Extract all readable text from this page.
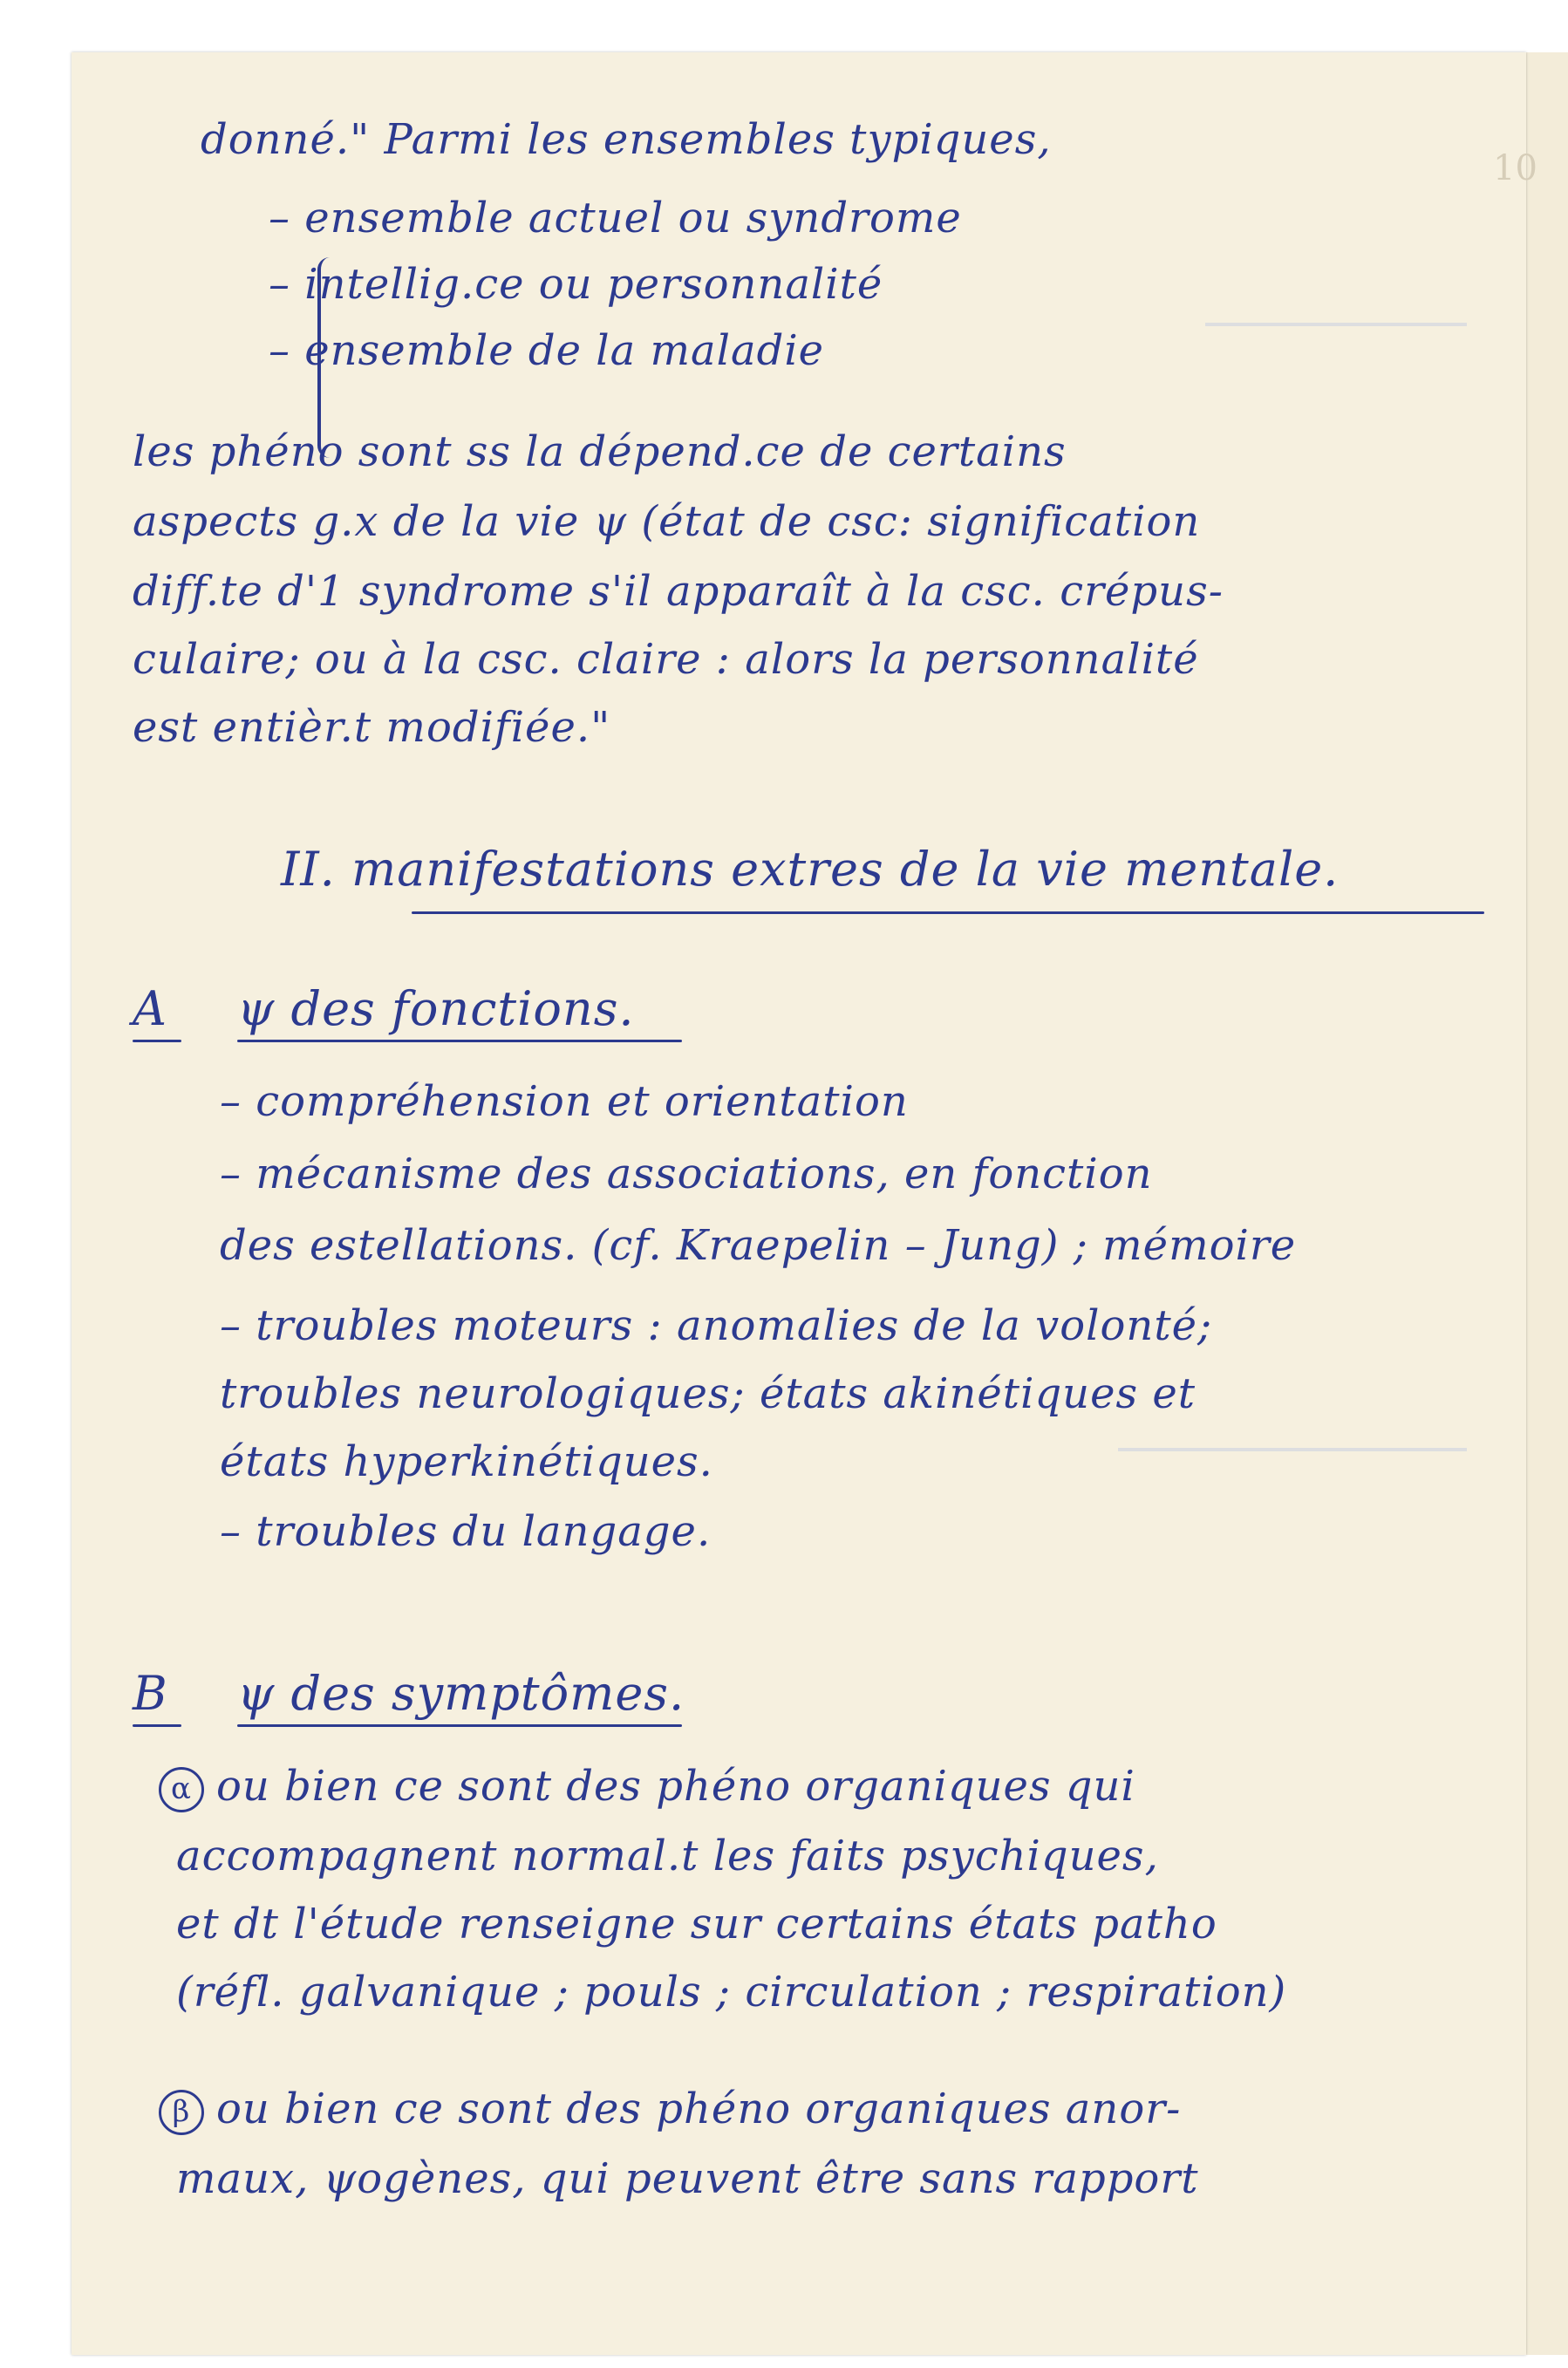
10
donné." Parmi les ensembles typiques,
– ensemble actuel ou syndrome
– intellig.ce ou personnalité
– ensemble de la maladie
les phéno sont ss la dépend.ce de certains
aspects g.x de la vie ψ (état de csc: signification
diff.te d'1 syndrome s'il apparaît à la csc. crépus-
culaire; ou à la csc. claire : alors la personnalité
est entièr.t modifiée."
II. manifestations extres de la vie mentale.
A ψ des fonctions.
– compréhension et orientation
– mécanisme des associations, en fonction
des estellations. (cf. Kraepelin – Jung) ; mémoire
– troubles moteurs : anomalies de la volonté;
troubles neurologiques; états akinétiques et
états hyperkinétiques.
– troubles du langage.
B ψ des symptômes.
α ou bien ce sont des phéno organiques qui
accompagnent normal.t les faits psychiques,
et dt l'étude renseigne sur certains états patho
(réfl. galvanique ; pouls ; circulation ; respiration)
β ou bien ce sont des phéno organiques anor-
maux, ψogènes, qui peuvent être sans rapport
